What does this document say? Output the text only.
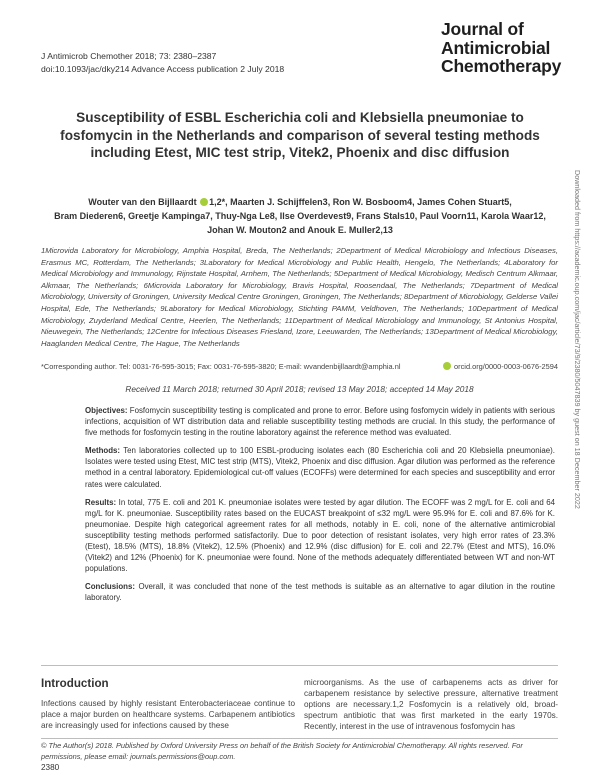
J Antimicrob Chemother 2018; 73: 2380–2387
doi:10.1093/jac/dky214 Advance Access publication 2 July 2018
Journal of
Antimicrobial
Chemotherapy
Susceptibility of ESBL Escherichia coli and Klebsiella pneumoniae to fosfomycin in the Netherlands and comparison of several testing methods including Etest, MIC test strip, Vitek2, Phoenix and disc diffusion
Wouter van den Bijllaardt 1,2*, Maarten J. Schijffelen3, Ron W. Bosboom4, James Cohen Stuart5,
Bram Diederen6, Greetje Kampinga7, Thuy-Nga Le8, Ilse Overdevest9, Frans Stals10, Paul Voorn11, Karola Waar12,
Johan W. Mouton2 and Anouk E. Muller2,13
1Microvida Laboratory for Microbiology, Amphia Hospital, Breda, The Netherlands; 2Department of Medical Microbiology and Infectious Diseases, Erasmus MC, Rotterdam, The Netherlands; 3Laboratory for Medical Microbiology and Public Health, Hengelo, The Netherlands; 4Laboratory for Medical Microbiology and Immunology, Rijnstate Hospital, Arnhem, The Netherlands; 5Department of Medical Microbiology, Medisch Centrum Alkmaar, Alkmaar, The Netherlands; 6Microvida Laboratory for Microbiology, Bravis Hospital, Roosendaal, The Netherlands; 7Department of Medical Microbiology, University of Groningen, University Medical Centre Groningen, Groningen, The Netherlands; 8Department of Microbiology, Gelderse Vallei Hospital, Ede, The Netherlands; 9Laboratory for Medical Microbiology, Stichting PAMM, Veldhoven, The Netherlands; 10Department of Medical Microbiology, Zuyderland Medical Centre, Heerlen, The Netherlands; 11Department of Medical Microbiology and Immunology, St Antonius Hospital, Nieuwegein, The Netherlands; 12Centre for Infectious Diseases Friesland, Izore, Leeuwarden, The Netherlands; 13Department of Medical Microbiology, Haaglanden Medical Centre, The Hague, The Netherlands
*Corresponding author. Tel: 0031-76-595-3015; Fax: 0031-76-595-3820; E-mail: wvandenbijllaardt@amphia.nl	orcid.org/0000-0003-0676-2594
Received 11 March 2018; returned 30 April 2018; revised 13 May 2018; accepted 14 May 2018

Objectives: Fosfomycin susceptibility testing is complicated and prone to error. Before using fosfomycin widely in patients with serious infections, acquisition of WT distribution data and reliable susceptibility testing methods are crucial. In this study, the performance of five methods for fosfomycin testing in the routine laboratory against the reference method was evaluated.

Methods: Ten laboratories collected up to 100 ESBL-producing isolates each (80 Escherichia coli and 20 Klebsiella pneumoniae). Isolates were tested using Etest, MIC test strip (MTS), Vitek2, Phoenix and disc diffusion. Agar dilution was performed as the reference method in a central laboratory. Epidemiological cut-off values (ECOFFs) were determined for each species and susceptibility and error rates were calculated.

Results: In total, 775 E. coli and 201 K. pneumoniae isolates were tested by agar dilution. The ECOFF was 2 mg/L for E. coli and 64 mg/L for K. pneumoniae. Susceptibility rates based on the EUCAST breakpoint of ≤32 mg/L were 95.9% for E. coli and 87.6% for K. pneumoniae. Despite high categorical agreement rates for all methods, notably in E. coli, none of the alternative antimicrobial susceptibility testing methods performed satisfactorily. Due to poor detection of resistant isolates, very high error rates of 23.3% (Etest), 18.5% (MTS), 18.8% (Vitek2), 12.5% (Phoenix) and 12.9% (disc diffusion) for E. coli and 22.7% (Etest and MTS), 16.0% (Vitek2) and 12% (Phoenix) for K. pneumoniae were found. None of the methods adequately differentiated between WT and non-WT populations.

Conclusions: Overall, it was concluded that none of the test methods is suitable as an alternative to agar dilution in the routine laboratory.

Introduction
Infections caused by highly resistant Enterobacteriaceae continue to place a major burden on healthcare systems. Carbapenem antibiotics are increasingly used for infections caused by these
microorganisms. As the use of carbapenems acts as driver for carbapenem resistance by selective pressure, alternative treatment options are necessary.1,2 Fosfomycin is a relatively old, broad-spectrum antibiotic that was first marketed in the early 1970s. Recently, interest in the use of intravenous fosfomycin has
© The Author(s) 2018. Published by Oxford University Press on behalf of the British Society for Antimicrobial Chemotherapy. All rights reserved. For permissions, please email: journals.permissions@oup.com.
2380
Downloaded from https://academic.oup.com/jac/article/73/9/2380/5047839 by guest on 18 December 2022
